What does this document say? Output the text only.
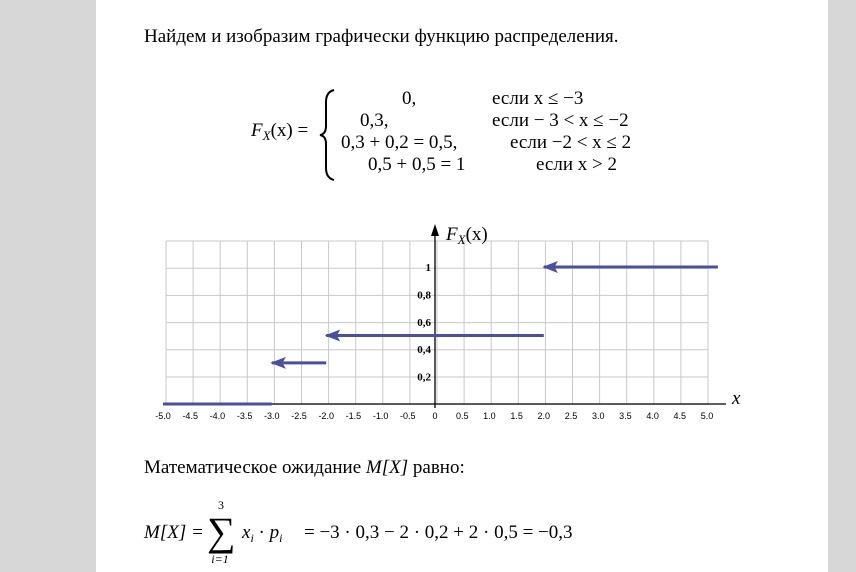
Найдем и изобразим графически функцию распределения.
$F_X(x)$ =
0,	если x ≤ −3
0,3,	если − 3 < x ≤ −2
0,3 + 0,2 = 0,5,	если −2 < x ≤ 2
0,5 + 0,5 = 1	если x > 2
$F_X(x)$
x
-5.0 -4.5 -4.0 -3.5 -3.0 -2.5 -2.0 -1.5 -1.0 -0.5 0 0.5 1.0 1.5 2.0 2.5 3.0 3.5 4.0 4.5 5.0
0,2
0,4
0,6
0,8
1
Математическое ожидание M[X] равно:
M[X] =
3
∑
i=1
$x_i \cdot p_i = -3 \cdot 0,3 - 2 \cdot 0,2 + 2 \cdot 0,5 = -0,3$
